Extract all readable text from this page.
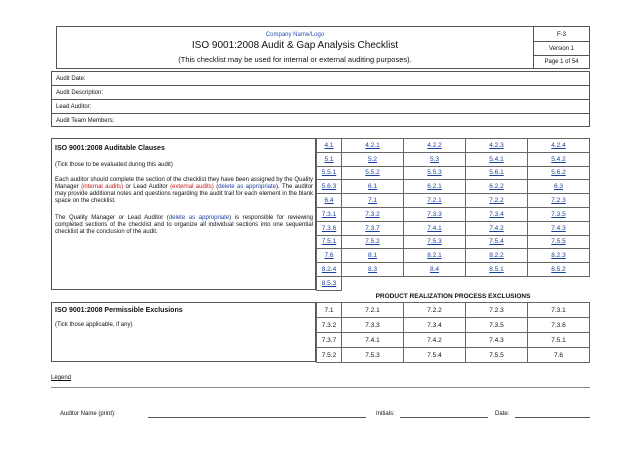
Company Name/Logo
ISO 9001:2008 Audit & Gap Analysis Checklist
(This checklist may be used for internal or external auditing purposes).
F-3
Version 1
Page 1 of 54
Audit Date:
Audit Description:
Lead Auditor:
Audit Team Members:
ISO 9001:2008 Auditable Clauses
(Tick those to be evaluated during this audit)
Each auditor should complete the section of the checklist they have been assigned by the Quality Manager (internal audits) or Lead Auditor (external audits) (delete as appropriate). The auditor may provide additional notes and questions regarding the audit trail for each element in the blank space on the checklist.
The Quality Manager or Lead Auditor (delete as appropriate) is responsible for reviewing completed sections of the checklist and to organize all individual sections into one sequential checklist at the conclusion of the audit.
4.1	4.2.1	4.2.2	4.2.3	4.2.4
5.1	5.2	5.3	5.4.1	5.4.2
5.5.1	5.5.2	5.5.3	5.6.1	5.6.2
5.6.3	6.1	6.2.1	6.2.2	6.3
6.4	7.1	7.2.1	7.2.2	7.2.3
7.3.1	7.3.2	7.3.3	7.3.4	7.3.5
7.3.6	7.3.7	7.4.1	7.4.2	7.4.3
7.5.1	7.5.2	7.5.3	7.5.4	7.5.5
7.6	8.1	8.2.1	8.2.2	8.2.3
8.2.4	8.3	8.4	8.5.1	8.5.2
8.5.3				
PRODUCT REALIZATION PROCESS EXCLUSIONS
ISO 9001:2008 Permissible Exclusions
(Tick those applicable, if any)
7.1	7.2.1	7.2.2	7.2.3	7.3.1
7.3.2	7.3.3	7.3.4	7.3.5	7.3.6
7.3.7	7.4.1	7.4.2	7.4.3	7.5.1
7.5.2	7.5.3	7.5.4	7.5.5	7.6
Legend
Auditor Name (print):	Initials:	Date:
